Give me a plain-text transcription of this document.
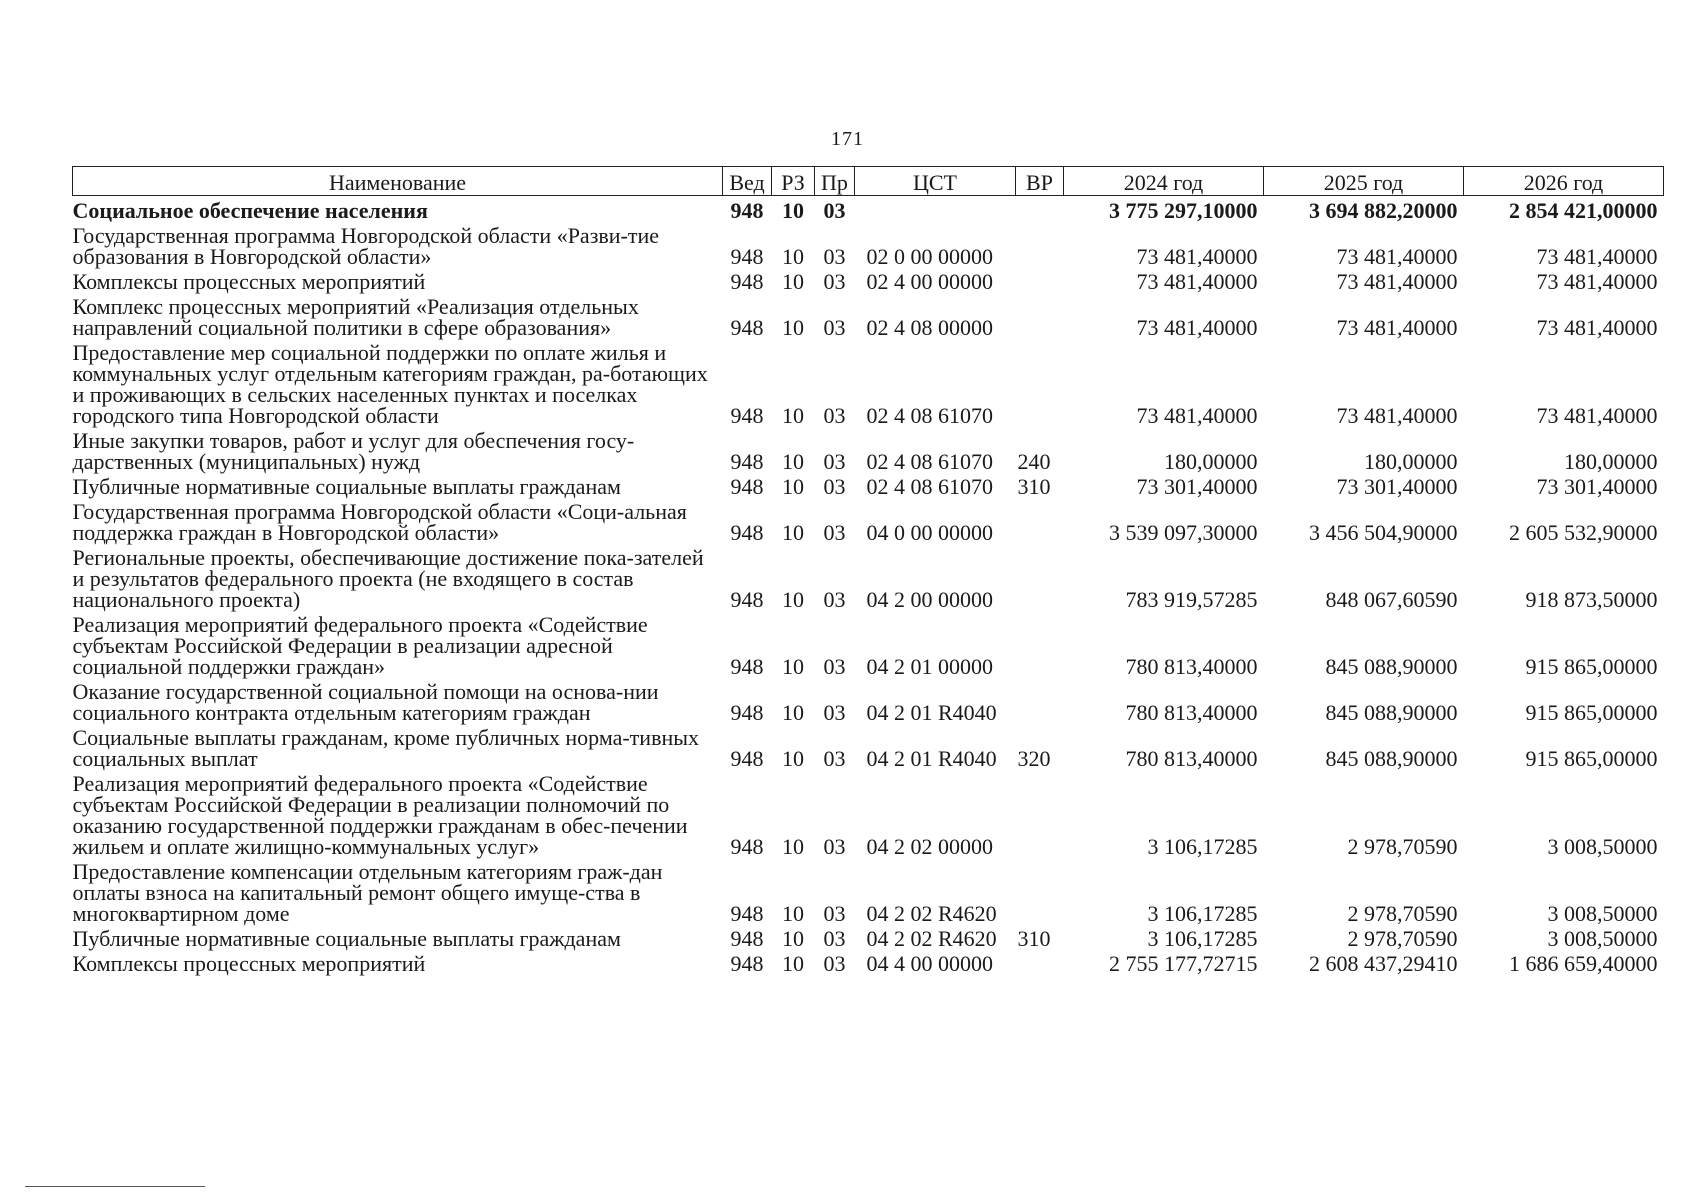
171
Наименование	Вед	РЗ	Пр	ЦСТ	ВР	2024 год	2025 год	2026 год
Социальное обеспечение населения	948	10	03			3 775 297,10000	3 694 882,20000	2 854 421,00000
Государственная программа Новгородской области «Разви-тие образования в Новгородской области»	948	10	03	02 0 00 00000		73 481,40000	73 481,40000	73 481,40000
Комплексы процессных мероприятий	948	10	03	02 4 00 00000		73 481,40000	73 481,40000	73 481,40000
Комплекс процессных мероприятий «Реализация отдельных направлений социальной политики в сфере образования»	948	10	03	02 4 08 00000		73 481,40000	73 481,40000	73 481,40000
Предоставление мер социальной поддержки по оплате жилья и коммунальных услуг отдельным категориям граждан, ра-ботающих и проживающих в сельских населенных пунктах и поселках городского типа Новгородской области	948	10	03	02 4 08 61070		73 481,40000	73 481,40000	73 481,40000
Иные закупки товаров, работ и услуг для обеспечения госу-дарственных (муниципальных) нужд	948	10	03	02 4 08 61070	240	180,00000	180,00000	180,00000
Публичные нормативные социальные выплаты гражданам	948	10	03	02 4 08 61070	310	73 301,40000	73 301,40000	73 301,40000
Государственная программа Новгородской области «Соци-альная поддержка граждан в Новгородской области»	948	10	03	04 0 00 00000		3 539 097,30000	3 456 504,90000	2 605 532,90000
Региональные проекты, обеспечивающие достижение пока-зателей и результатов федерального проекта (не входящего в состав национального проекта)	948	10	03	04 2 00 00000		783 919,57285	848 067,60590	918 873,50000
Реализация мероприятий федерального проекта «Содействие субъектам Российской Федерации в реализации адресной социальной поддержки граждан»	948	10	03	04 2 01 00000		780 813,40000	845 088,90000	915 865,00000
Оказание государственной социальной помощи на основа-нии социального контракта отдельным категориям граждан	948	10	03	04 2 01 R4040		780 813,40000	845 088,90000	915 865,00000
Социальные выплаты гражданам, кроме публичных норма-тивных социальных выплат	948	10	03	04 2 01 R4040	320	780 813,40000	845 088,90000	915 865,00000
Реализация мероприятий федерального проекта «Содействие субъектам Российской Федерации в реализации полномочий по оказанию государственной поддержки гражданам в обес-печении жильем и оплате жилищно-коммунальных услуг»	948	10	03	04 2 02 00000		3 106,17285	2 978,70590	3 008,50000
Предоставление компенсации отдельным категориям граж-дан оплаты взноса на капитальный ремонт общего имуще-ства в многоквартирном доме	948	10	03	04 2 02 R4620		3 106,17285	2 978,70590	3 008,50000
Публичные нормативные социальные выплаты гражданам	948	10	03	04 2 02 R4620	310	3 106,17285	2 978,70590	3 008,50000
Комплексы процессных мероприятий	948	10	03	04 4 00 00000		2 755 177,72715	2 608 437,29410	1 686 659,40000
